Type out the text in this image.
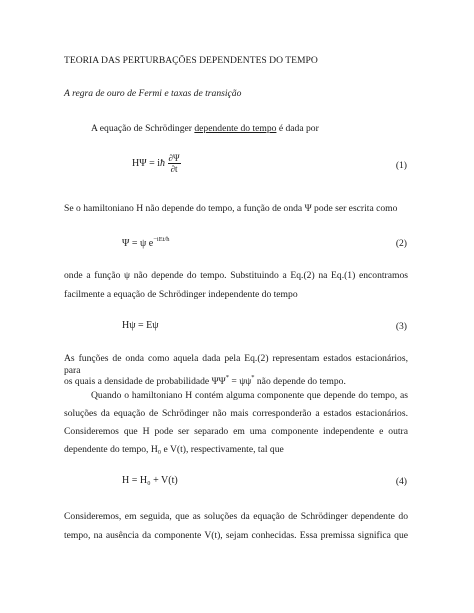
TEORIA DAS PERTURBAÇÕES DEPENDENTES DO TEMPO
A regra de ouro de Fermi e taxas de transição
A equação de Schrödinger dependente do tempo é dada por
HΨ = iħ $\frac{\partial\Psi}{\partial t}$	(1)
Se o hamiltoniano H não depende do tempo, a função de onda Ψ pode ser escrita como
Ψ = ψ $e^{-iEt/ħ}$	(2)
onde a função ψ não depende do tempo. Substituindo a Eq.(2) na Eq.(1) encontramos
facilmente a equação de Schrödinger independente do tempo
Hψ = Eψ	(3)
As funções de onda como aquela dada pela Eq.(2) representam estados estacionários, para
os quais a densidade de probabilidade ΨΨ* = ψψ* não depende do tempo.
Quando o hamiltoniano H contém alguma componente que depende do tempo, as
soluções da equação de Schrödinger não mais corresponderão a estados estacionários.
Consideremos que H pode ser separado em uma componente independente e outra
dependente do tempo, H₀ e V(t), respectivamente, tal que
H = H₀ + V(t)	(4)
Consideremos, em seguida, que as soluções da equação de Schrödinger dependente do
tempo, na ausência da componente V(t), sejam conhecidas. Essa premissa significa que
